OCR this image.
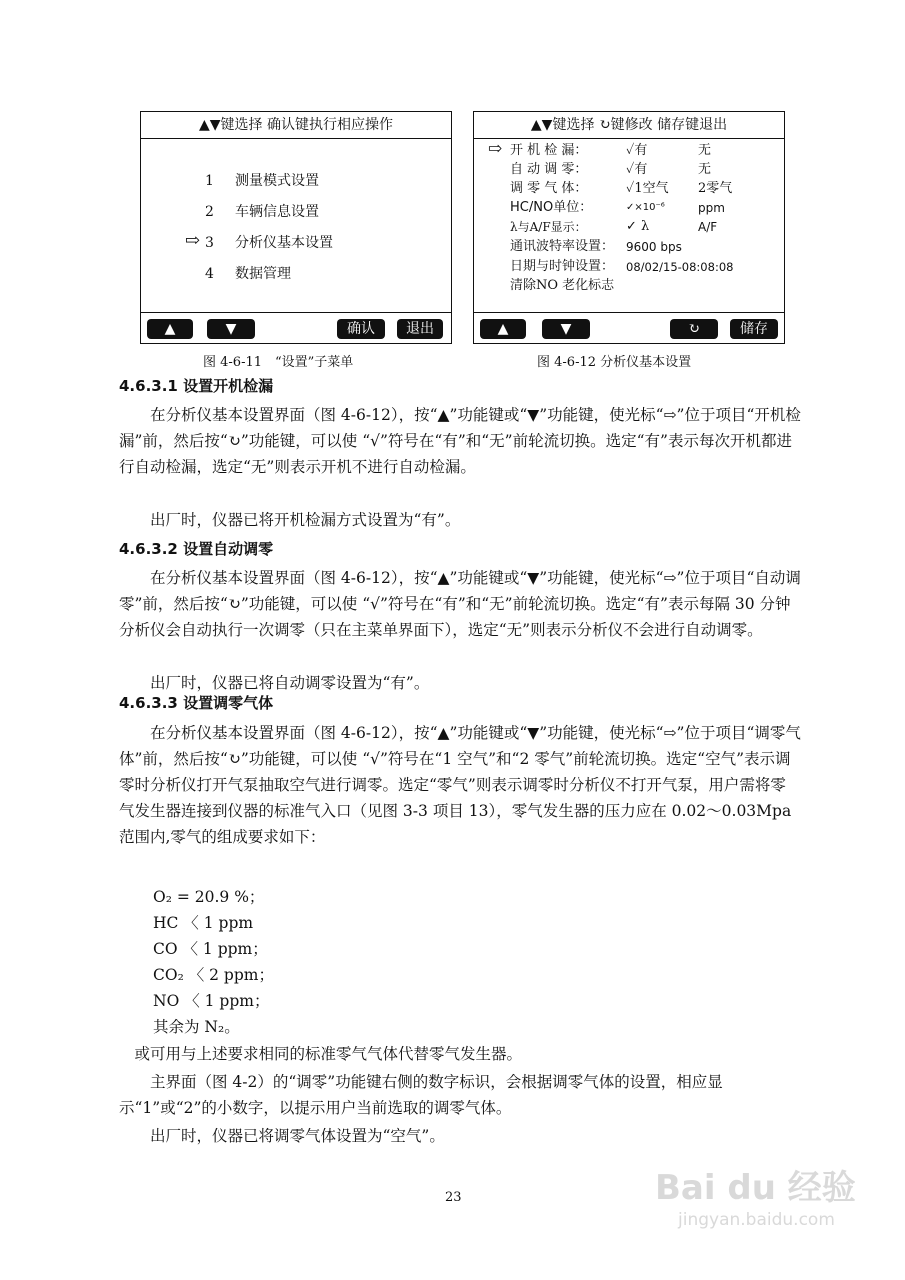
▲▼键选择 确认键执行相应操作
1 测量模式设置
2 车辆信息设置
⇨ 3 分析仪基本设置
4 数据管理
▲	▼	确认	退出
图 4-6-11　“设置”子菜单
▲▼键选择 ↻键修改 储存键退出
⇨ 开 机 检 漏：	✓有	无
自 动 调 零：	✓有	无
调 零 气 体：	✓1空气 2零气
HC/NO单位：	✓×10⁻⁶	ppm
λ与A/F显示：	✓ λ	A/F
通讯波特率设置： 9600 bps
日期与时钟设置： 08/02/15-08:08:08
清除NO 老化标志
▲	▼	↻	储存
图 4-6-12 分析仪基本设置
4.6.3.1 设置开机检漏
在分析仪基本设置界面（图 4-6-12），按“▲”功能键或“▼”功能键，使光标“⇨”位于项目“开机检漏”前，然后按“↻”功能键，可以使 “√”符号在“有”和“无”前轮流切换。选定“有”表示每次开机都进行自动检漏，选定“无”则表示开机不进行自动检漏。
出厂时，仪器已将开机检漏方式设置为“有”。
4.6.3.2 设置自动调零
在分析仪基本设置界面（图 4-6-12），按“▲”功能键或“▼”功能键，使光标“⇨”位于项目“自动调零”前，然后按“↻”功能键，可以使 “√”符号在“有”和“无”前轮流切换。选定“有”表示每隔 30 分钟分析仪会自动执行一次调零（只在主菜单界面下），选定“无”则表示分析仪不会进行自动调零。
出厂时，仪器已将自动调零设置为“有”。
4.6.3.3 设置调零气体
在分析仪基本设置界面（图 4-6-12），按“▲”功能键或“▼”功能键，使光标“⇨”位于项目“调零气体”前，然后按“↻”功能键，可以使 “√”符号在“1 空气”和“2 零气”前轮流切换。选定“空气”表示调零时分析仪打开气泵抽取空气进行调零。选定“零气”则表示调零时分析仪不打开气泵，用户需将零气发生器连接到仪器的标准气入口（见图 3-3 项目 13），零气发生器的压力应在 0.02～0.03Mpa 范围内,零气的组成要求如下：
O₂ = 20.9 %；
HC 〈 1 ppm
CO 〈 1 ppm；
CO₂ 〈 2 ppm；
NO 〈 1 ppm；
其余为 N₂。
或可用与上述要求相同的标准零气气体代替零气发生器。
主界面（图 4-2）的“调零”功能键右侧的数字标识，会根据调零气体的设置，相应显示“1”或“2”的小数字，以提示用户当前选取的调零气体。
出厂时，仪器已将调零气体设置为“空气”。
23	Bai du 经验
jingyan.baidu.com
